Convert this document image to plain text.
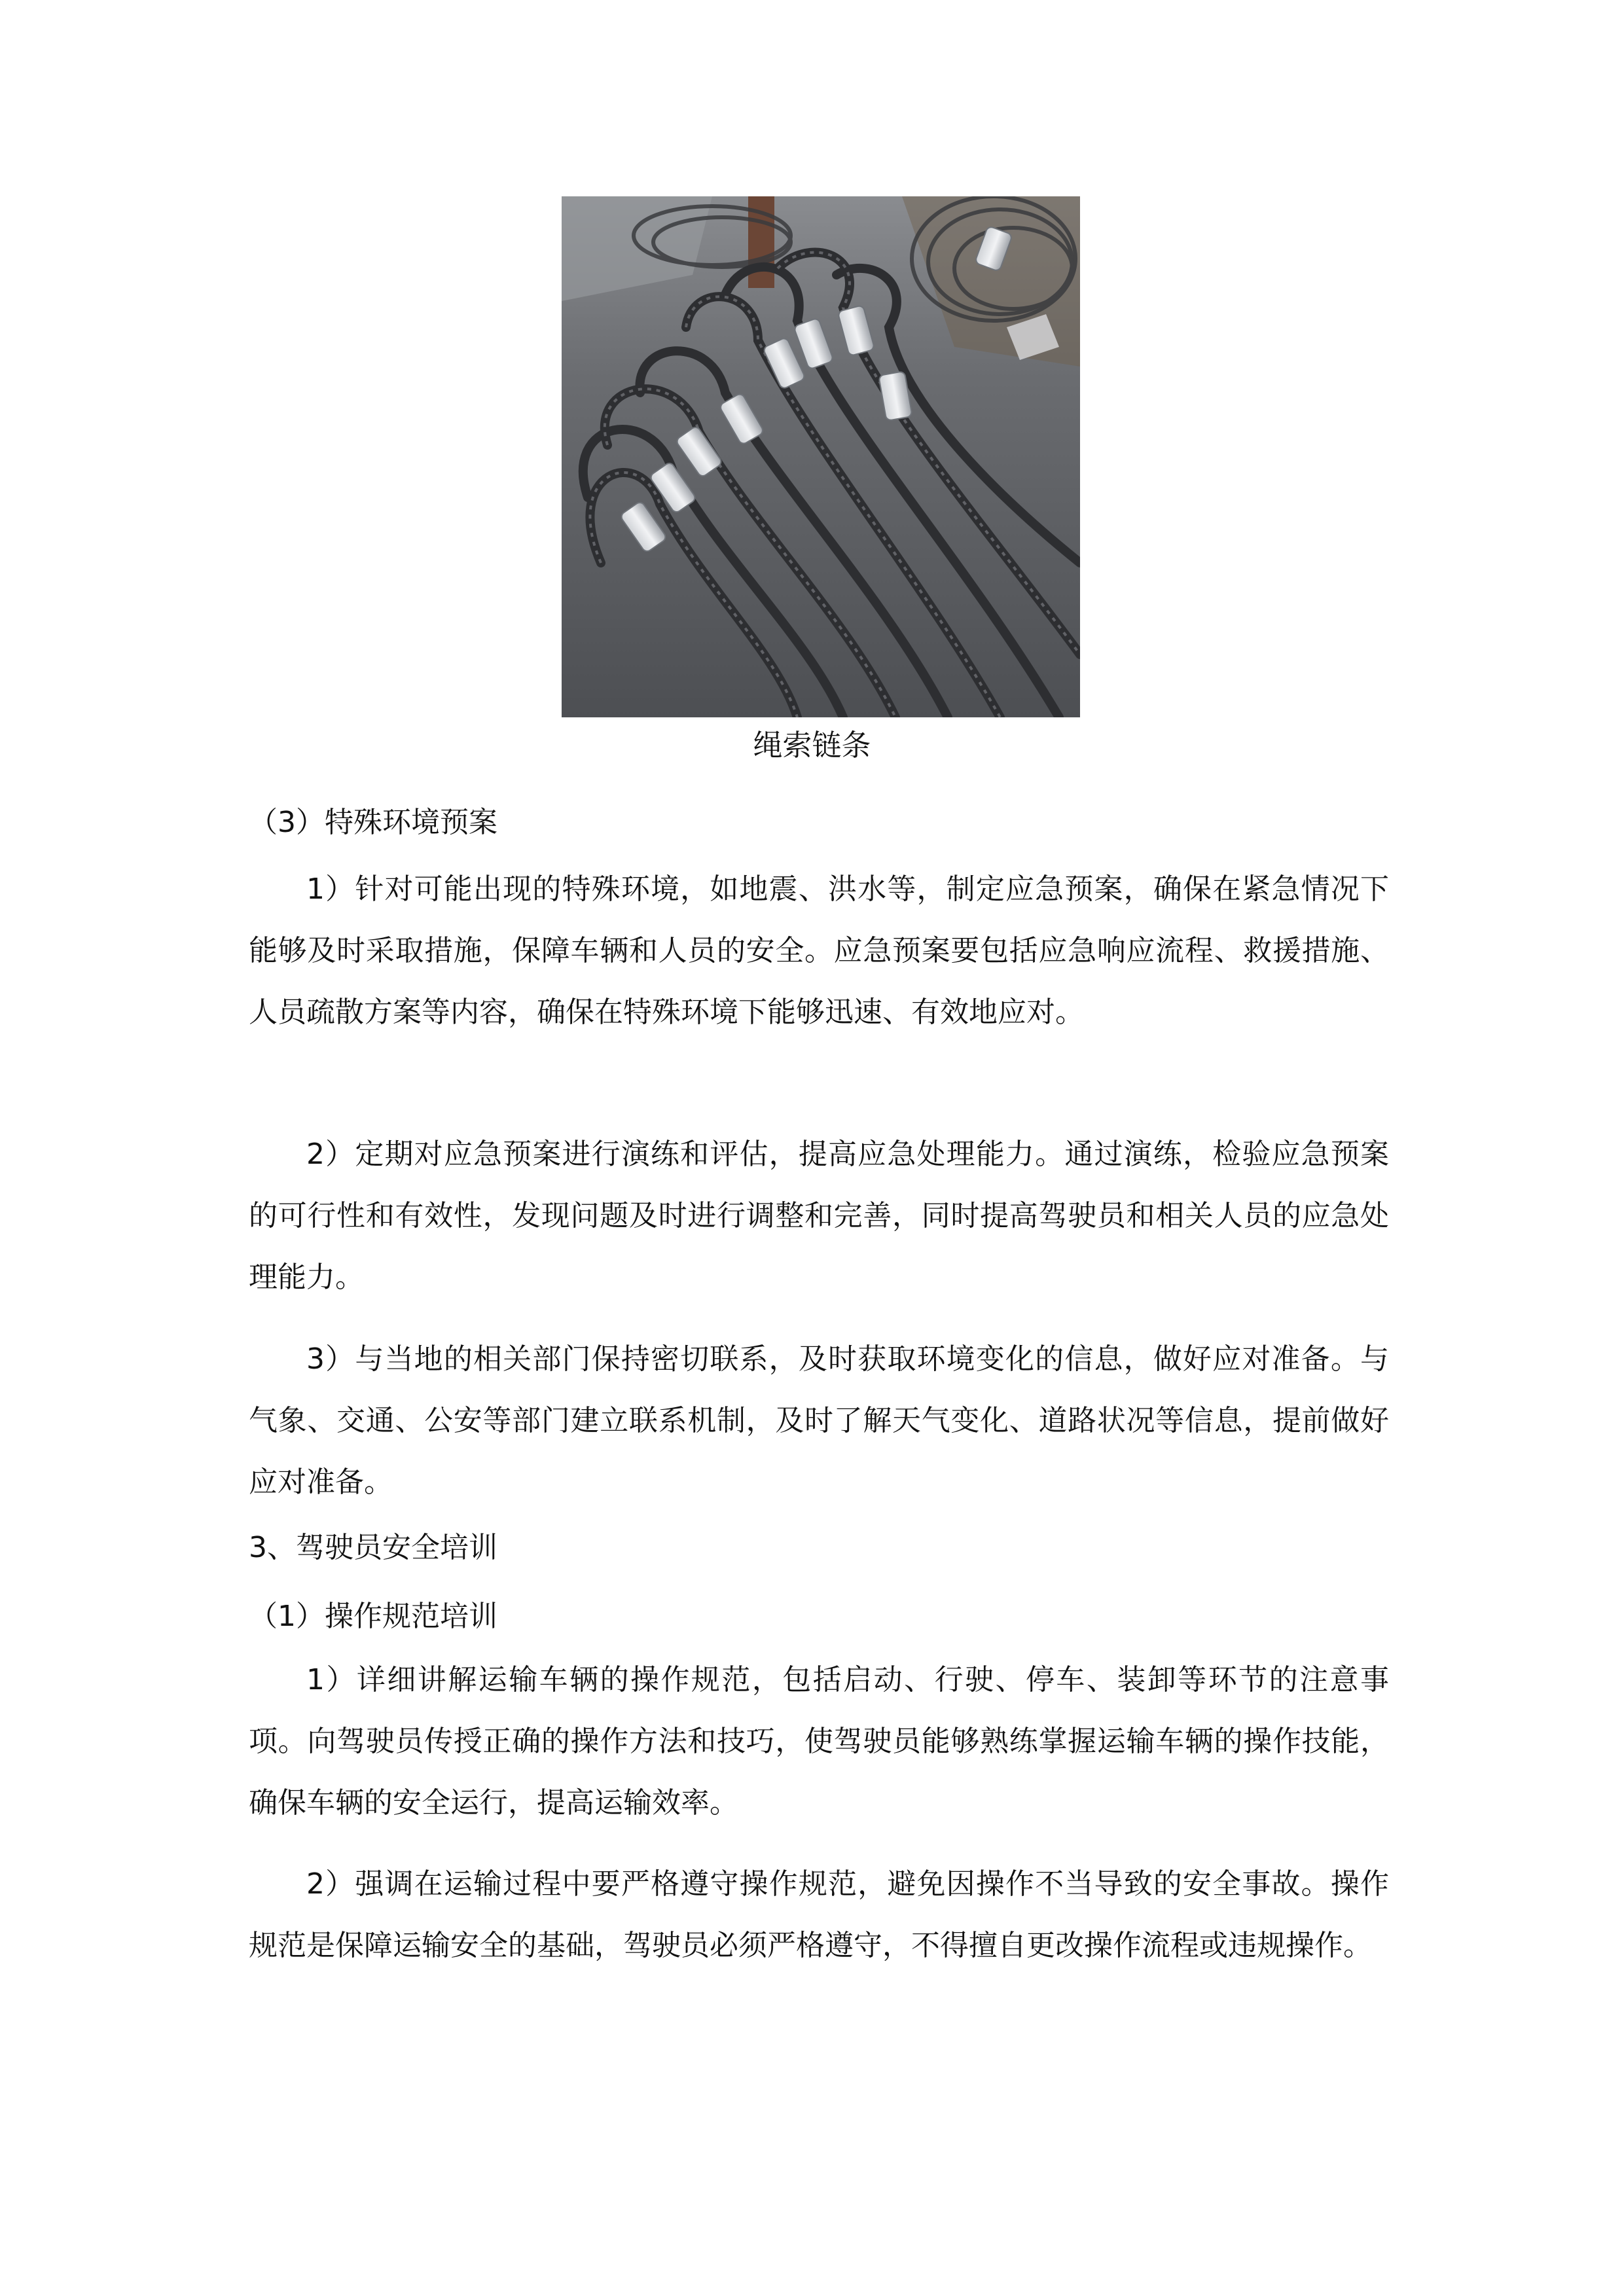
绳索链条
（3）特殊环境预案
1）针对可能出现的特殊环境，如地震、洪水等，制定应急预案，确保在紧急情况下能够及时采取措施，保障车辆和人员的安全。应急预案要包括应急响应流程、救援措施、人员疏散方案等内容，确保在特殊环境下能够迅速、有效地应对。
2）定期对应急预案进行演练和评估，提高应急处理能力。通过演练，检验应急预案的可行性和有效性，发现问题及时进行调整和完善，同时提高驾驶员和相关人员的应急处理能力。
3）与当地的相关部门保持密切联系，及时获取环境变化的信息，做好应对准备。与气象、交通、公安等部门建立联系机制，及时了解天气变化、道路状况等信息，提前做好应对准备。
3、驾驶员安全培训
（1）操作规范培训
1）详细讲解运输车辆的操作规范，包括启动、行驶、停车、装卸等环节的注意事项。向驾驶员传授正确的操作方法和技巧，使驾驶员能够熟练掌握运输车辆的操作技能，确保车辆的安全运行，提高运输效率。
2）强调在运输过程中要严格遵守操作规范，避免因操作不当导致的安全事故。操作规范是保障运输安全的基础，驾驶员必须严格遵守，不得擅自更改操作流程或违规操作。
